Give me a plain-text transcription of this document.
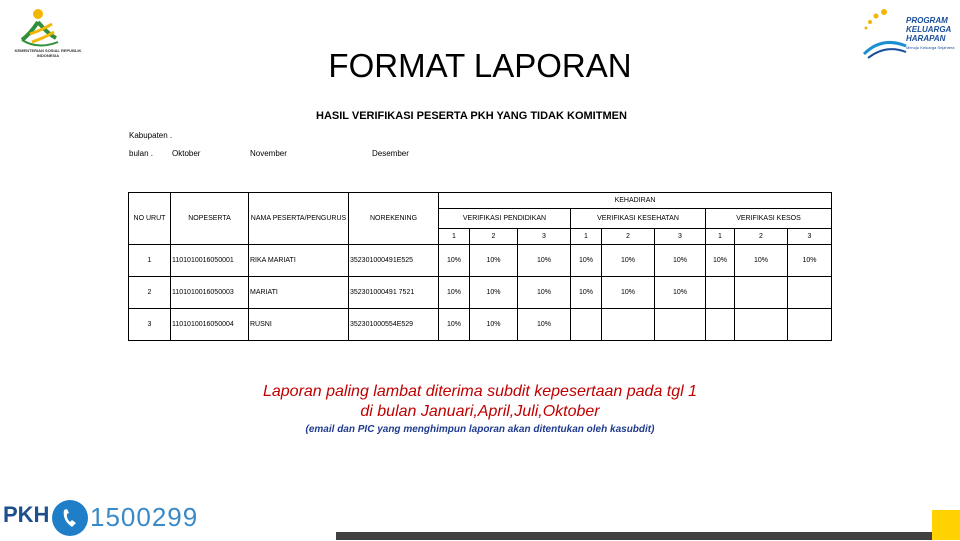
KEMENTERIAN SOSIAL REPUBLIK INDONESIA
PROGRAM
KELUARGA
HARAPAN
Menuju Keluarga Sejahtera
FORMAT LAPORAN
HASIL VERIFIKASI PESERTA PKH YANG TIDAK KOMITMEN
Kabupaten .
bulan . Oktober	November	Desember
NO URUT	NOPESERTA	NAMA PESERTA/PENGURUS	NOREKENING	KEHADIRAN								
				VERIFIKASI PENDIDIKAN			VERIFIKASI KESEHATAN			VERIFIKASI KESOS		
				1	2	3	1	2	3	1	2	3
1	1101010016050001	RIKA MARIATI	352301000491E525	10%	10%	10%	10%	10%	10%	10%	10%	10%
2	1101010016050003	MARIATI	352301000491 7521	10%	10%	10%	10%	10%	10%			
3	1101010016050004	RUSNI	352301000554E529	10%	10%	10%						
Laporan paling lambat diterima subdit kepesertaan pada tgl 1
di bulan Januari,April,Juli,Oktober
(email dan PIC yang menghimpun laporan akan ditentukan oleh kasubdit)
PKH 1500299
